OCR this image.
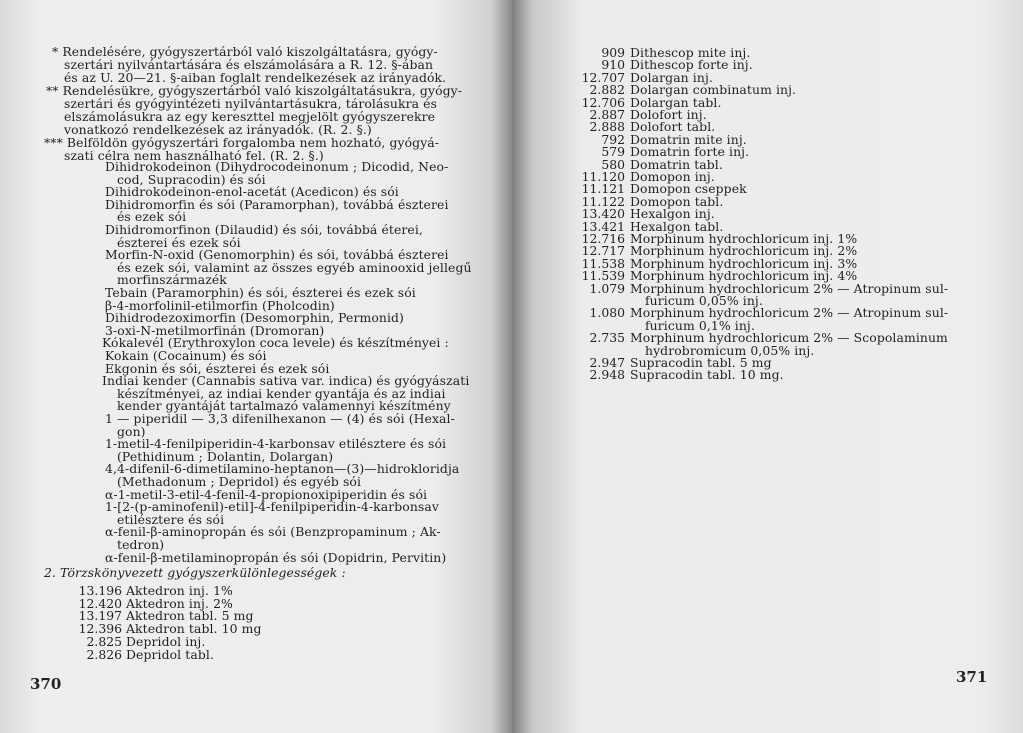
* Rendelésére, gyógyszertárból való kiszolgáltatásra, gyógy-
szertári nyilvántartására és elszámolására a R. 12. §-ában
és az U. 20—21. §-aiban foglalt rendelkezések az irányadók.
** Rendelésükre, gyógyszertárból való kiszolgáltatásukra, gyógy-
szertári és gyógyintézeti nyilvántartásukra, tárolásukra és
elszámolásukra az egy kereszttel megjelölt gyógyszerekre
vonatkozó rendelkezések az irányadók. (R. 2. §.)
*** Belföldön gyógyszertári forgalomba nem hozható, gyógyá-
szati célra nem használható fel. (R. 2. §.)
Dihidrokodeinon (Dihydrocodeinonum ; Dicodid, Neo-
cod, Supracodin) és sói
Dihidrokodeinon-enol-acetát (Acedicon) és sói
Dihidromorfin és sói (Paramorphan), továbbá észterei
és ezek sói
Dihidromorfinon (Dilaudid) és sói, továbbá éterei,
észterei és ezek sói
Morfin-N-oxid (Genomorphin) és sói, továbbá észterei
és ezek sói, valamint az összes egyéb aminooxid jellegű
morfinszármazék
Tebain (Paramorphin) és sói, észterei és ezek sói
β-4-morfolinil-etilmorfin (Pholcodin)
Dihidrodezoximorfin (Desomorphin, Permonid)
3-oxi-N-metilmorfinán (Dromoran)
Kókalevél (Erythroxylon coca levele) és készítményei :
Kokain (Cocainum) és sói
Ekgonin és sói, észterei és ezek sói
Indiai kender (Cannabis sativa var. indica) és gyógyászati
készítményei, az indiai kender gyantája és az indiai
kender gyantáját tartalmazó valamennyi készítmény
1 — piperidil — 3,3 difenilhexanon — (4) és sói (Hexal-
gon)
1-metil-4-fenilpiperidin-4-karbonsav etilésztere és sói
(Pethidinum ; Dolantin, Dolargan)
4,4-difenil-6-dimetilamino-heptanon—(3)—hidrokloridja
(Methadonum ; Depridol) és egyéb sói
α-1-metil-3-etil-4-fenil-4-propionoxipiperidin és sói
1-[2-(p-aminofenil)-etil]-4-fenilpiperidin-4-karbonsav
etilésztere és sói
α-fenil-β-aminopropán és sói (Benzpropaminum ; Ak-
tedron)
α-fenil-β-metilaminopropán és sói (Dopidrin, Pervitin)
2. Törzskönyvezett gyógyszerkülönlegességek :
13.196 Aktedron inj. 1%
12.420 Aktedron inj. 2%
13.197 Aktedron tabl. 5 mg
12.396 Aktedron tabl. 10 mg
2.825 Depridol inj.
2.826 Depridol tabl.
370
909 Dithescop mite inj.
910 Dithescop forte inj.
12.707 Dolargan inj.
2.882 Dolargan combinatum inj.
12.706 Dolargan tabl.
2.887 Dolofort inj.
2.888 Dolofort tabl.
792 Domatrin mite inj.
579 Domatrin forte inj.
580 Domatrin tabl.
11.120 Domopon inj.
11.121 Domopon cseppek
11.122 Domopon tabl.
13.420 Hexalgon inj.
13.421 Hexalgon tabl.
12.716 Morphinum hydrochloricum inj. 1%
12.717 Morphinum hydrochloricum inj. 2%
11.538 Morphinum hydrochloricum inj. 3%
11.539 Morphinum hydrochloricum inj. 4%
1.079 Morphinum hydrochloricum 2% — Atropinum sul-
furicum 0,05% inj.
1.080 Morphinum hydrochloricum 2% — Atropinum sul-
furicum 0,1% inj.
2.735 Morphinum hydrochloricum 2% — Scopolaminum
hydrobromicum 0,05% inj.
2.947 Supracodin tabl. 5 mg
2.948 Supracodin tabl. 10 mg.
371
